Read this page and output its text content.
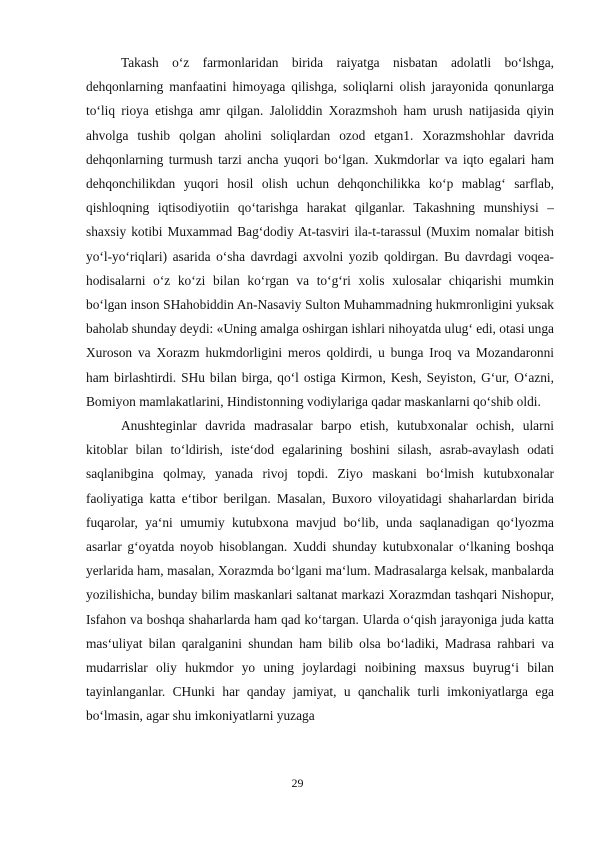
Takash o‘z farmonlaridan birida raiyatga nisbatan adolatli bo‘lshga, dehqonlarning manfaatini himoyaga qilishga, soliqlarni olish jarayonida qonunlarga to‘liq rioya etishga amr qilgan. Jaloliddin Xorazmshoh ham urush natijasida qiyin ahvolga tushib qolgan aholini soliqlardan ozod etgan1. Xorazmshohlar davrida dehqonlarning turmush tarzi ancha yuqori bo‘lgan. Xukmdorlar va iqto egalari ham dehqonchilikdan yuqori hosil olish uchun dehqonchilikka ko‘p mablag‘ sarflab, qishloqning iqtisodiyotiin qo‘tarishga harakat qilganlar. Takashning munshiysi –shaxsiy kotibi Muxammad Bag‘dodiy At-tasviri ila-t-tarassul (Muxim nomalar bitish yo‘l-yo‘riqlari) asarida o‘sha davrdagi axvolni yozib qoldirgan. Bu davrdagi voqea-hodisalarni o‘z ko‘zi bilan ko‘rgan va to‘g‘ri xolis xulosalar chiqarishi mumkin bo‘lgan inson SHahobiddin An-Nasaviy Sulton Muhammadning hukmronligini yuksak baholab shunday deydi: «Uning amalga oshirgan ishlari nihoyatda ulug‘ edi, otasi unga Xuroson va Xorazm hukmdorligini meros qoldirdi, u bunga Iroq va Mozandaronni ham birlashtirdi. SHu bilan birga, qo‘l ostiga Kirmon, Kesh, Seyiston, G‘ur, O‘azni, Bomiyon mamlakatlarini, Hindistonning vodiylariga qadar maskanlarni qo‘shib oldi.

Anushteginlar davrida madrasalar barpo etish, kutubxonalar ochish, ularni kitoblar bilan to‘ldirish, iste‘dod egalarining boshini silash, asrab-avaylash odati saqlanibgina qolmay, yanada rivoj topdi. Ziyo maskani bo‘lmish kutubxonalar faoliyatiga katta e‘tibor berilgan. Masalan, Buxoro viloyatidagi shaharlardan birida fuqarolar, ya‘ni umumiy kutubxona mavjud bo‘lib, unda saqlanadigan qo‘lyozma asarlar g‘oyatda noyob hisoblangan. Xuddi shunday kutubxonalar o‘lkaning boshqa yerlarida ham, masalan, Xorazmda bo‘lgani ma‘lum. Madrasalarga kelsak, manbalarda yozilishicha, bunday bilim maskanlari saltanat markazi Xorazmdan tashqari Nishopur, Isfahon va boshqa shaharlarda ham qad ko‘targan. Ularda o‘qish jarayoniga juda katta mas‘uliyat bilan qaralganini shundan ham bilib olsa bo‘ladiki, Madrasa rahbari va mudarrislar oliy hukmdor yo uning joylardagi noibining maxsus buyrug‘i bilan tayinlanganlar. CHunki har qanday jamiyat, u qanchalik turli imkoniyatlarga ega bo‘lmasin, agar shu imkoniyatlarni yuzaga

29
